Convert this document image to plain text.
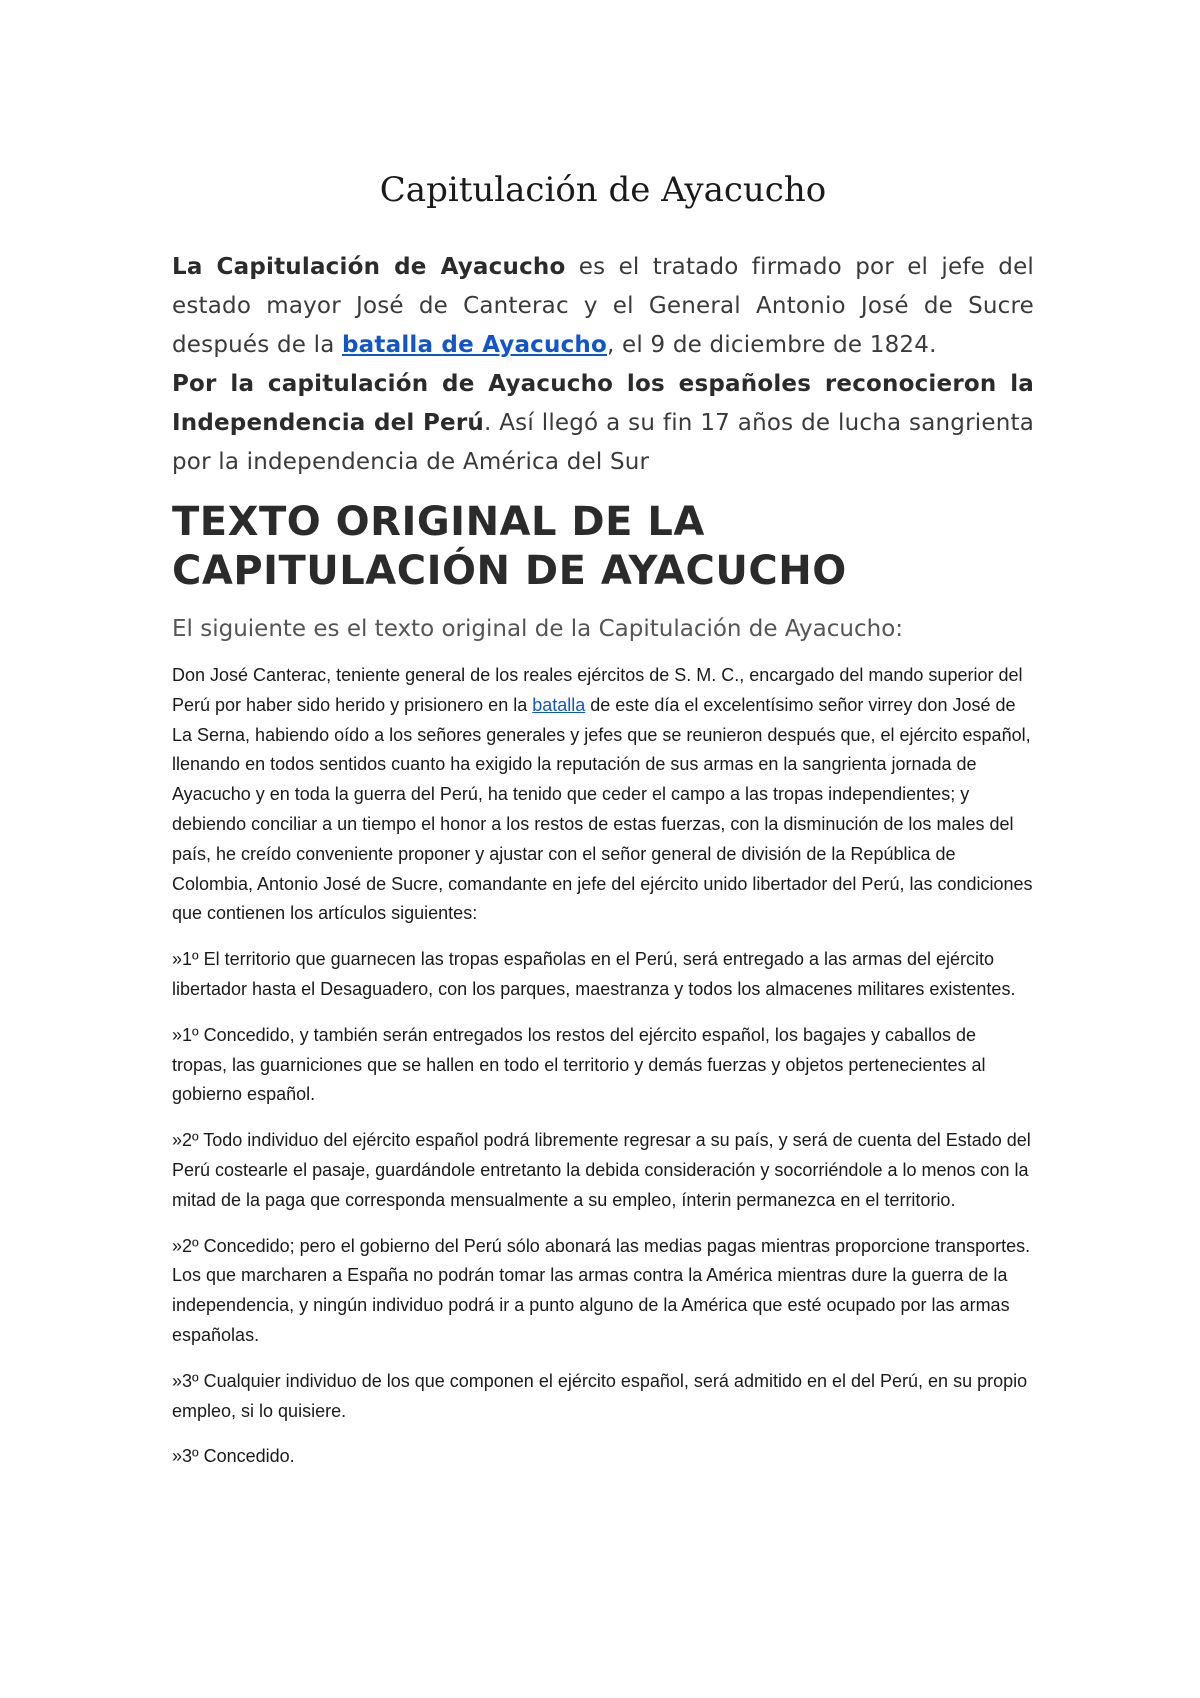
Capitulación de Ayacucho

La Capitulación de Ayacucho es el tratado firmado por el jefe del estado mayor José de Canterac y el General Antonio José de Sucre después de la batalla de Ayacucho, el 9 de diciembre de 1824.

Por la capitulación de Ayacucho los españoles reconocieron la Independencia del Perú. Así llegó a su fin 17 años de lucha sangrienta por la independencia de América del Sur

TEXTO ORIGINAL DE LA
CAPITULACIÓN DE AYACUCHO

El siguiente es el texto original de la Capitulación de Ayacucho:

Don José Canterac, teniente general de los reales ejércitos de S. M. C., encargado del mando superior del Perú por haber sido herido y prisionero en la batalla de este día el excelentísimo señor virrey don José de La Serna, habiendo oído a los señores generales y jefes que se reunieron después que, el ejército español, llenando en todos sentidos cuanto ha exigido la reputación de sus armas en la sangrienta jornada de Ayacucho y en toda la guerra del Perú, ha tenido que ceder el campo a las tropas independientes; y debiendo conciliar a un tiempo el honor a los restos de estas fuerzas, con la disminución de los males del país, he creído conveniente proponer y ajustar con el señor general de división de la República de Colombia, Antonio José de Sucre, comandante en jefe del ejército unido libertador del Perú, las condiciones que contienen los artículos siguientes:

»1º El territorio que guarnecen las tropas españolas en el Perú, será entregado a las armas del ejército libertador hasta el Desaguadero, con los parques, maestranza y todos los almacenes militares existentes.

»1º Concedido, y también serán entregados los restos del ejército español, los bagajes y caballos de tropas, las guarniciones que se hallen en todo el territorio y demás fuerzas y objetos pertenecientes al gobierno español.

»2º Todo individuo del ejército español podrá libremente regresar a su país, y será de cuenta del Estado del Perú costearle el pasaje, guardándole entretanto la debida consideración y socorriéndole a lo menos con la mitad de la paga que corresponda mensualmente a su empleo, ínterin permanezca en el territorio.

»2º Concedido; pero el gobierno del Perú sólo abonará las medias pagas mientras proporcione transportes. Los que marcharen a España no podrán tomar las armas contra la América mientras dure la guerra de la independencia, y ningún individuo podrá ir a punto alguno de la América que esté ocupado por las armas españolas.

»3º Cualquier individuo de los que componen el ejército español, será admitido en el del Perú, en su propio empleo, si lo quisiere.

»3º Concedido.
